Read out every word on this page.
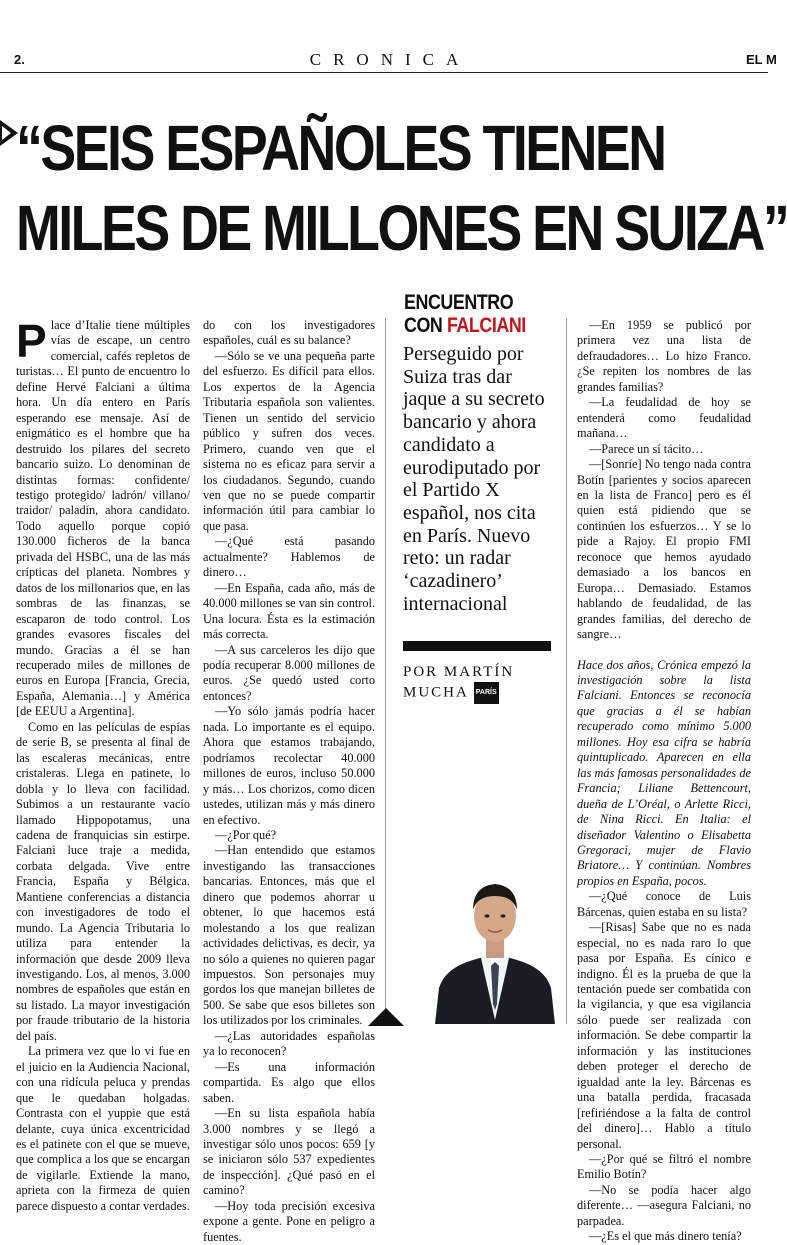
2.	CRONICA	EL M
“SEIS ESPAÑOLES TIENEN
MILES DE MILLONES EN SUIZA”

Place d’Italie tiene múltiples vías de escape, un centro comercial, cafés repletos de turistas… El punto de encuentro lo define Hervé Falciani a última hora. Un día entero en París esperando ese mensaje. Así de enigmático es el hombre que ha destruido los pilares del secreto bancario suizo. Lo denominan de distintas formas: confidente/ testigo protegido/ ladrón/ villano/ traidor/ paladín, ahora candidato. Todo aquello porque copió 130.000 ficheros de la banca privada del HSBC, una de las más crípticas del planeta. Nombres y datos de los millonarios que, en las sombras de las finanzas, se escaparon de todo control. Los grandes evasores fiscales del mundo. Gracias a él se han recuperado miles de millones de euros en Europa [Francia, Grecia, España, Alemania…] y América [de EEUU a Argentina].

Como en las películas de espías de serie B, se presenta al final de las escaleras mecánicas, entre cristaleras. Llega en patinete, lo dobla y lo lleva con facilidad. Subimos a un restaurante vacío llamado Hippopotamus, una cadena de franquicias sin estirpe. Falciani luce traje a medida, corbata delgada. Vive entre Francia, España y Bélgica. Mantiene conferencias a distancia con investigadores de todo el mundo. La Agencia Tributaria lo utiliza para entender la información que desde 2009 lleva investigando. Los, al menos, 3.000 nombres de españoles que están en su listado. La mayor investigación por fraude tributario de la historia del país.

La primera vez que lo vi fue en el juicio en la Audiencia Nacional, con una ridícula peluca y prendas que le quedaban holgadas. Contrasta con el yuppie que está delante, cuya única excentricidad es el patinete con el que se mueve, que complica a los que se encargan de vigilarle. Extiende la mano, aprieta con la firmeza de quien parece dispuesto a contar verdades.

do con los investigadores españoles, cuál es su balance?

—Sólo se ve una pequeña parte del esfuerzo. Es difícil para ellos. Los expertos de la Agencia Tributaria española son valientes. Tienen un sentido del servicio público y sufren dos veces. Primero, cuando ven que el sistema no es eficaz para servir a los ciudadanos. Segundo, cuando ven que no se puede compartir información útil para cambiar lo que pasa.

—¿Qué está pasando actualmente? Hablemos de dinero…

—En España, cada año, más de 40.000 millones se van sin control. Una locura. Ésta es la estimación más correcta.

—A sus carceleros les dijo que podía recuperar 8.000 millones de euros. ¿Se quedó usted corto entonces?

—Yo sólo jamás podría hacer nada. Lo importante es el equipo. Ahora que estamos trabajando, podríamos recolectar 40.000 millones de euros, incluso 50.000 y más… Los chorizos, como dicen ustedes, utilizan más y más dinero en efectivo.

—¿Por qué?

—Han entendido que estamos investigando las transacciones bancarias. Entonces, más que el dinero que podemos ahorrar u obtener, lo que hacemos está molestando a los que realizan actividades delictivas, es decir, ya no sólo a quienes no quieren pagar impuestos. Son personajes muy gordos los que manejan billetes de 500. Se sabe que esos billetes son los utilizados por los criminales.

—¿Las autoridades españolas ya lo reconocen?

—Es una información compartida. Es algo que ellos saben.

—En su lista española había 3.000 nombres y se llegó a investigar sólo unos pocos: 659 [y se iniciaron sólo 537 expedientes de inspección]. ¿Qué pasó en el camino?

—Hoy toda precisión excesiva expone a gente. Pone en peligro a fuentes.

ENCUENTRO
CON FALCIANI

Perseguido por Suiza tras dar jaque a su secreto bancario y ahora candidato a eurodiputado por el Partido X español, nos cita en París. Nuevo reto: un radar ‘cazadinero’ internacional

POR MARTÍN
MUCHA PARÍS

—En 1959 se publicó por primera vez una lista de defraudadores… Lo hizo Franco. ¿Se repiten los nombres de las grandes familias?

—La feudalidad de hoy se entenderá como feudalidad mañana…

—Parece un sí tácito…

—[Sonríe] No tengo nada contra Botín [parientes y socios aparecen en la lista de Franco] pero es él quien está pidiendo que se continúen los esfuerzos… Y se lo pide a Rajoy. El propio FMI reconoce que hemos ayudado demasiado a los bancos en Europa… Demasiado. Estamos hablando de feudalidad, de las grandes familias, del derecho de sangre…

Hace dos años, Crónica empezó la investigación sobre la lista Falciani. Entonces se reconocía que gracias a él se habían recuperado como mínimo 5.000 millones. Hoy esa cifra se habría quintuplicado. Aparecen en ella las más famosas personalidades de Francia; Liliane Bettencourt, dueña de L’Oréal, o Arlette Ricci, de Nina Ricci. En Italia: el diseñador Valentino o Elisabetta Gregoraci, mujer de Flavio Briatore… Y continúan. Nombres propios en España, pocos.

—¿Qué conoce de Luis Bárcenas, quien estaba en su lista?

—[Risas] Sabe que no es nada especial, no es nada raro lo que pasa por España. Es cínico e indigno. Él es la prueba de que la tentación puede ser combatida con la vigilancia, y que esa vigilancia sólo puede ser realizada con información. Se debe compartir la información y las instituciones deben proteger el derecho de igualdad ante la ley. Bárcenas es una batalla perdida, fracasada [refiriéndose a la falta de control del dinero]… Hablo a título personal.

—¿Por qué se filtró el nombre Emilio Botín?

—No se podía hacer algo diferente… —asegura Falciani, no parpadea.

—¿Es el que más dinero tenía?
